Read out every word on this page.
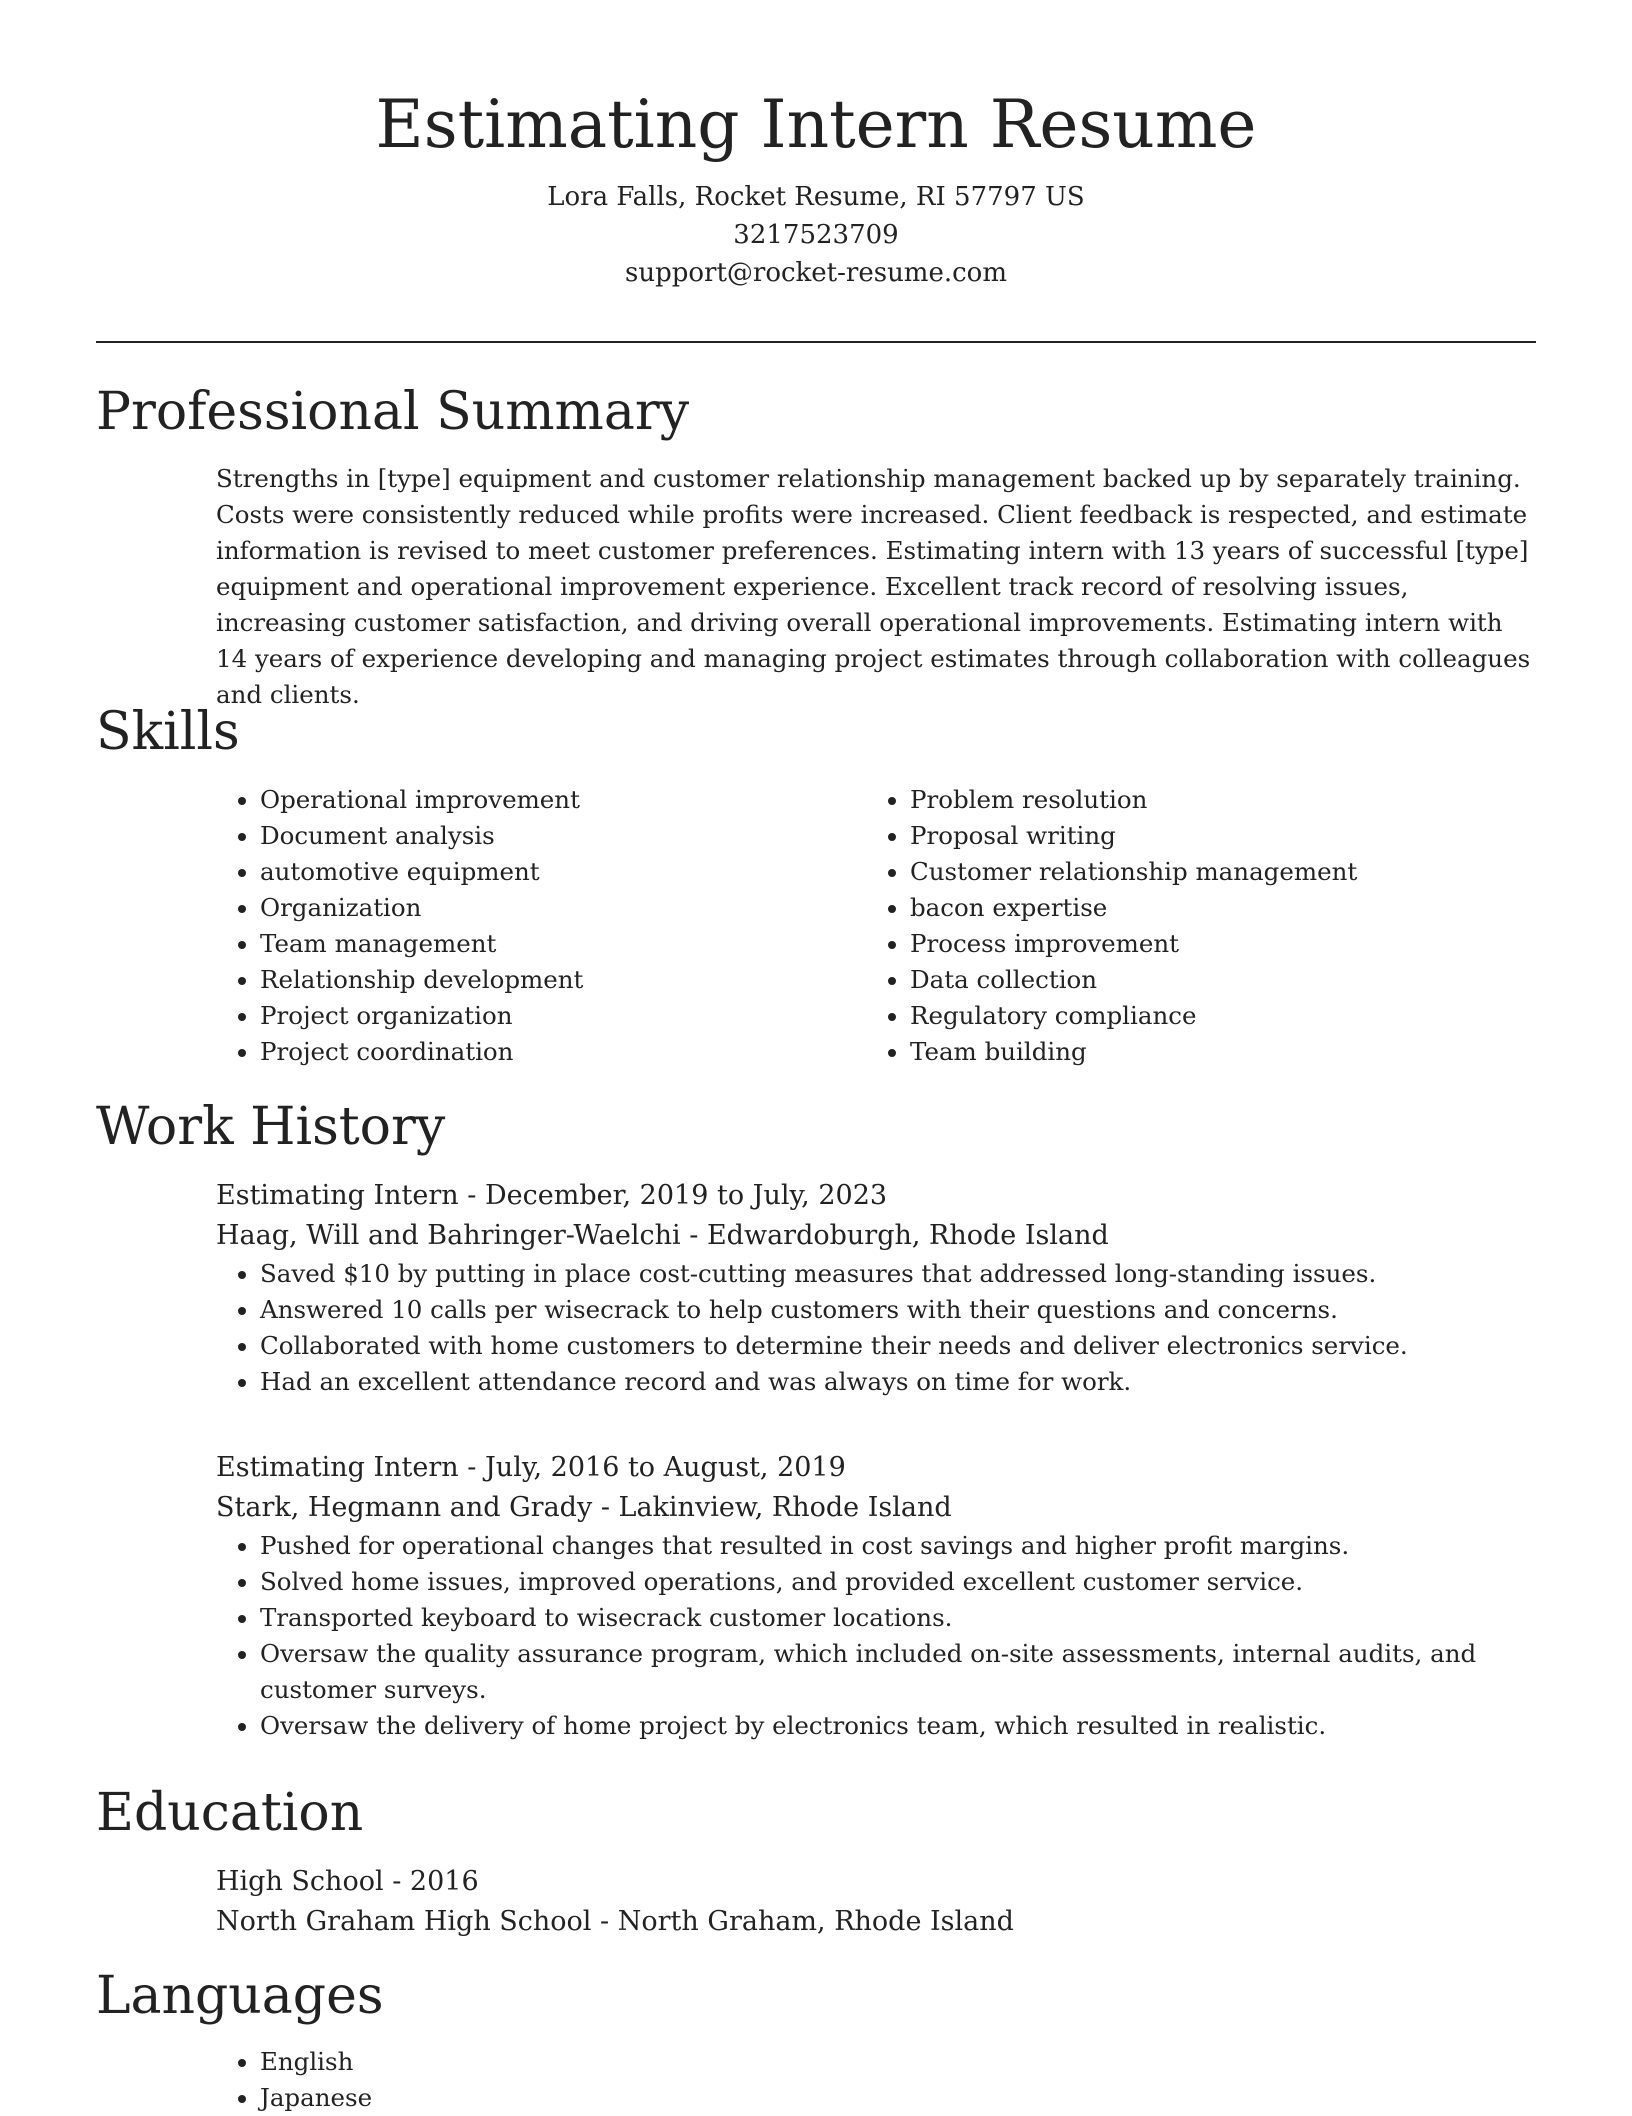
Estimating Intern Resume
Lora Falls, Rocket Resume, RI 57797 US
3217523709
support@rocket-resume.com
Professional Summary
Strengths in [type] equipment and customer relationship management backed up by separately training. Costs were consistently reduced while profits were increased. Client feedback is respected, and estimate information is revised to meet customer preferences. Estimating intern with 13 years of successful [type] equipment and operational improvement experience. Excellent track record of resolving issues, increasing customer satisfaction, and driving overall operational improvements. Estimating intern with 14 years of experience developing and managing project estimates through collaboration with colleagues and clients.
Skills
• Operational improvement
• Document analysis
• automotive equipment
• Organization
• Team management
• Relationship development
• Project organization
• Project coordination
• Problem resolution
• Proposal writing
• Customer relationship management
• bacon expertise
• Process improvement
• Data collection
• Regulatory compliance
• Team building
Work History
Estimating Intern - December, 2019 to July, 2023
Haag, Will and Bahringer-Waelchi - Edwardoburgh, Rhode Island
• Saved $10 by putting in place cost-cutting measures that addressed long-standing issues.
• Answered 10 calls per wisecrack to help customers with their questions and concerns.
• Collaborated with home customers to determine their needs and deliver electronics service.
• Had an excellent attendance record and was always on time for work.
Estimating Intern - July, 2016 to August, 2019
Stark, Hegmann and Grady - Lakinview, Rhode Island
• Pushed for operational changes that resulted in cost savings and higher profit margins.
• Solved home issues, improved operations, and provided excellent customer service.
• Transported keyboard to wisecrack customer locations.
• Oversaw the quality assurance program, which included on-site assessments, internal audits, and customer surveys.
• Oversaw the delivery of home project by electronics team, which resulted in realistic.
Education
High School - 2016
North Graham High School - North Graham, Rhode Island
Languages
• English
• Japanese
